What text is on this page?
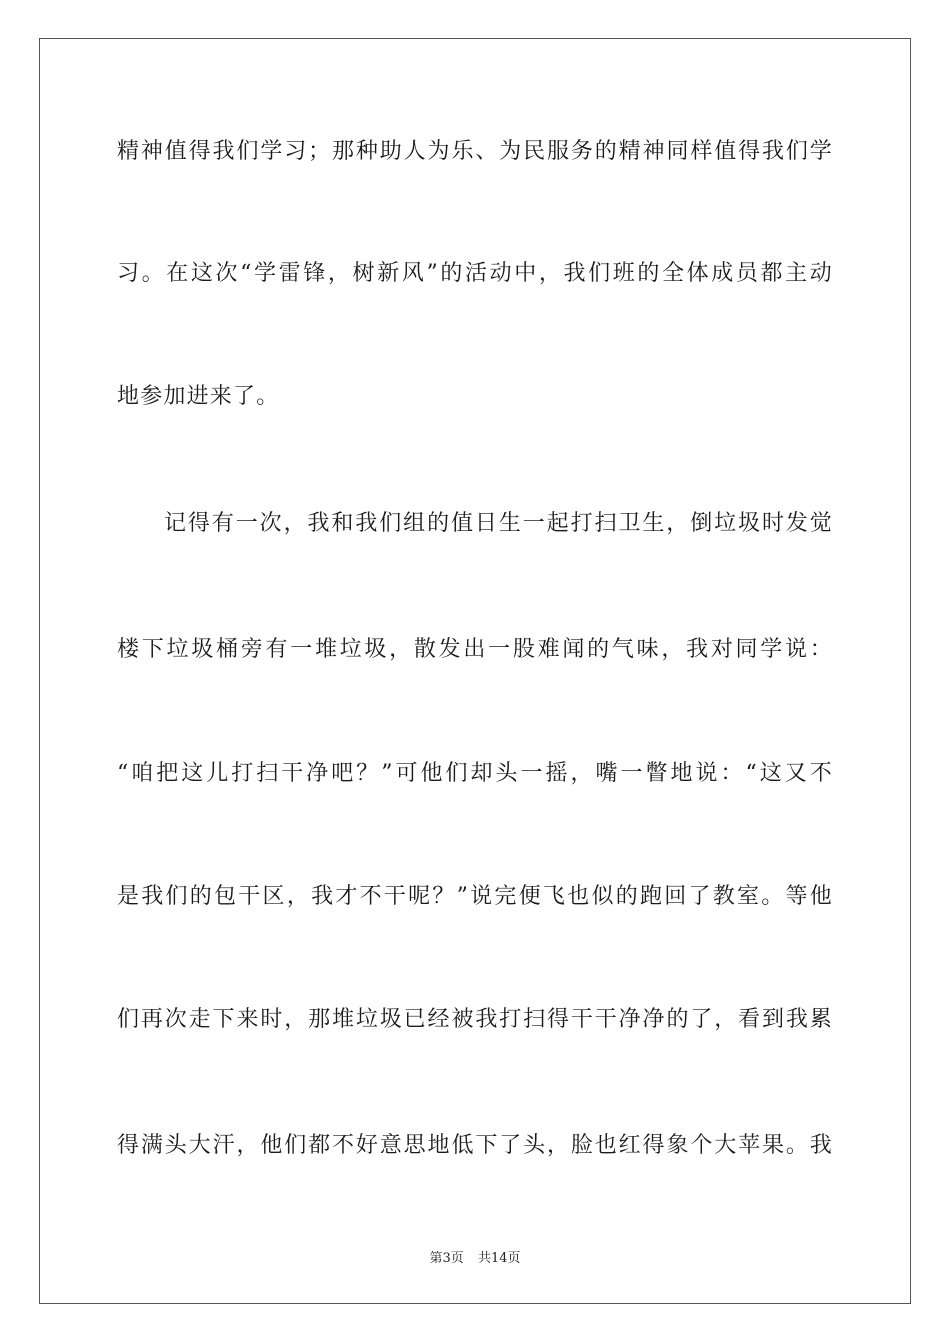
精神值得我们学习；那种助人为乐、为民服务的精神同样值得我们学
习。在这次“学雷锋，树新风”的活动中，我们班的全体成员都主动
地参加进来了。
记得有一次，我和我们组的值日生一起打扫卫生，倒垃圾时发觉
楼下垃圾桶旁有一堆垃圾，散发出一股难闻的气味，我对同学说：
“咱把这儿打扫干净吧？”可他们却头一摇，嘴一瞥地说：“这又不
是我们的包干区，我才不干呢？”说完便飞也似的跑回了教室。等他
们再次走下来时，那堆垃圾已经被我打扫得干干净净的了，看到我累
得满头大汗，他们都不好意思地低下了头，脸也红得象个大苹果。我
第3页 共14页
